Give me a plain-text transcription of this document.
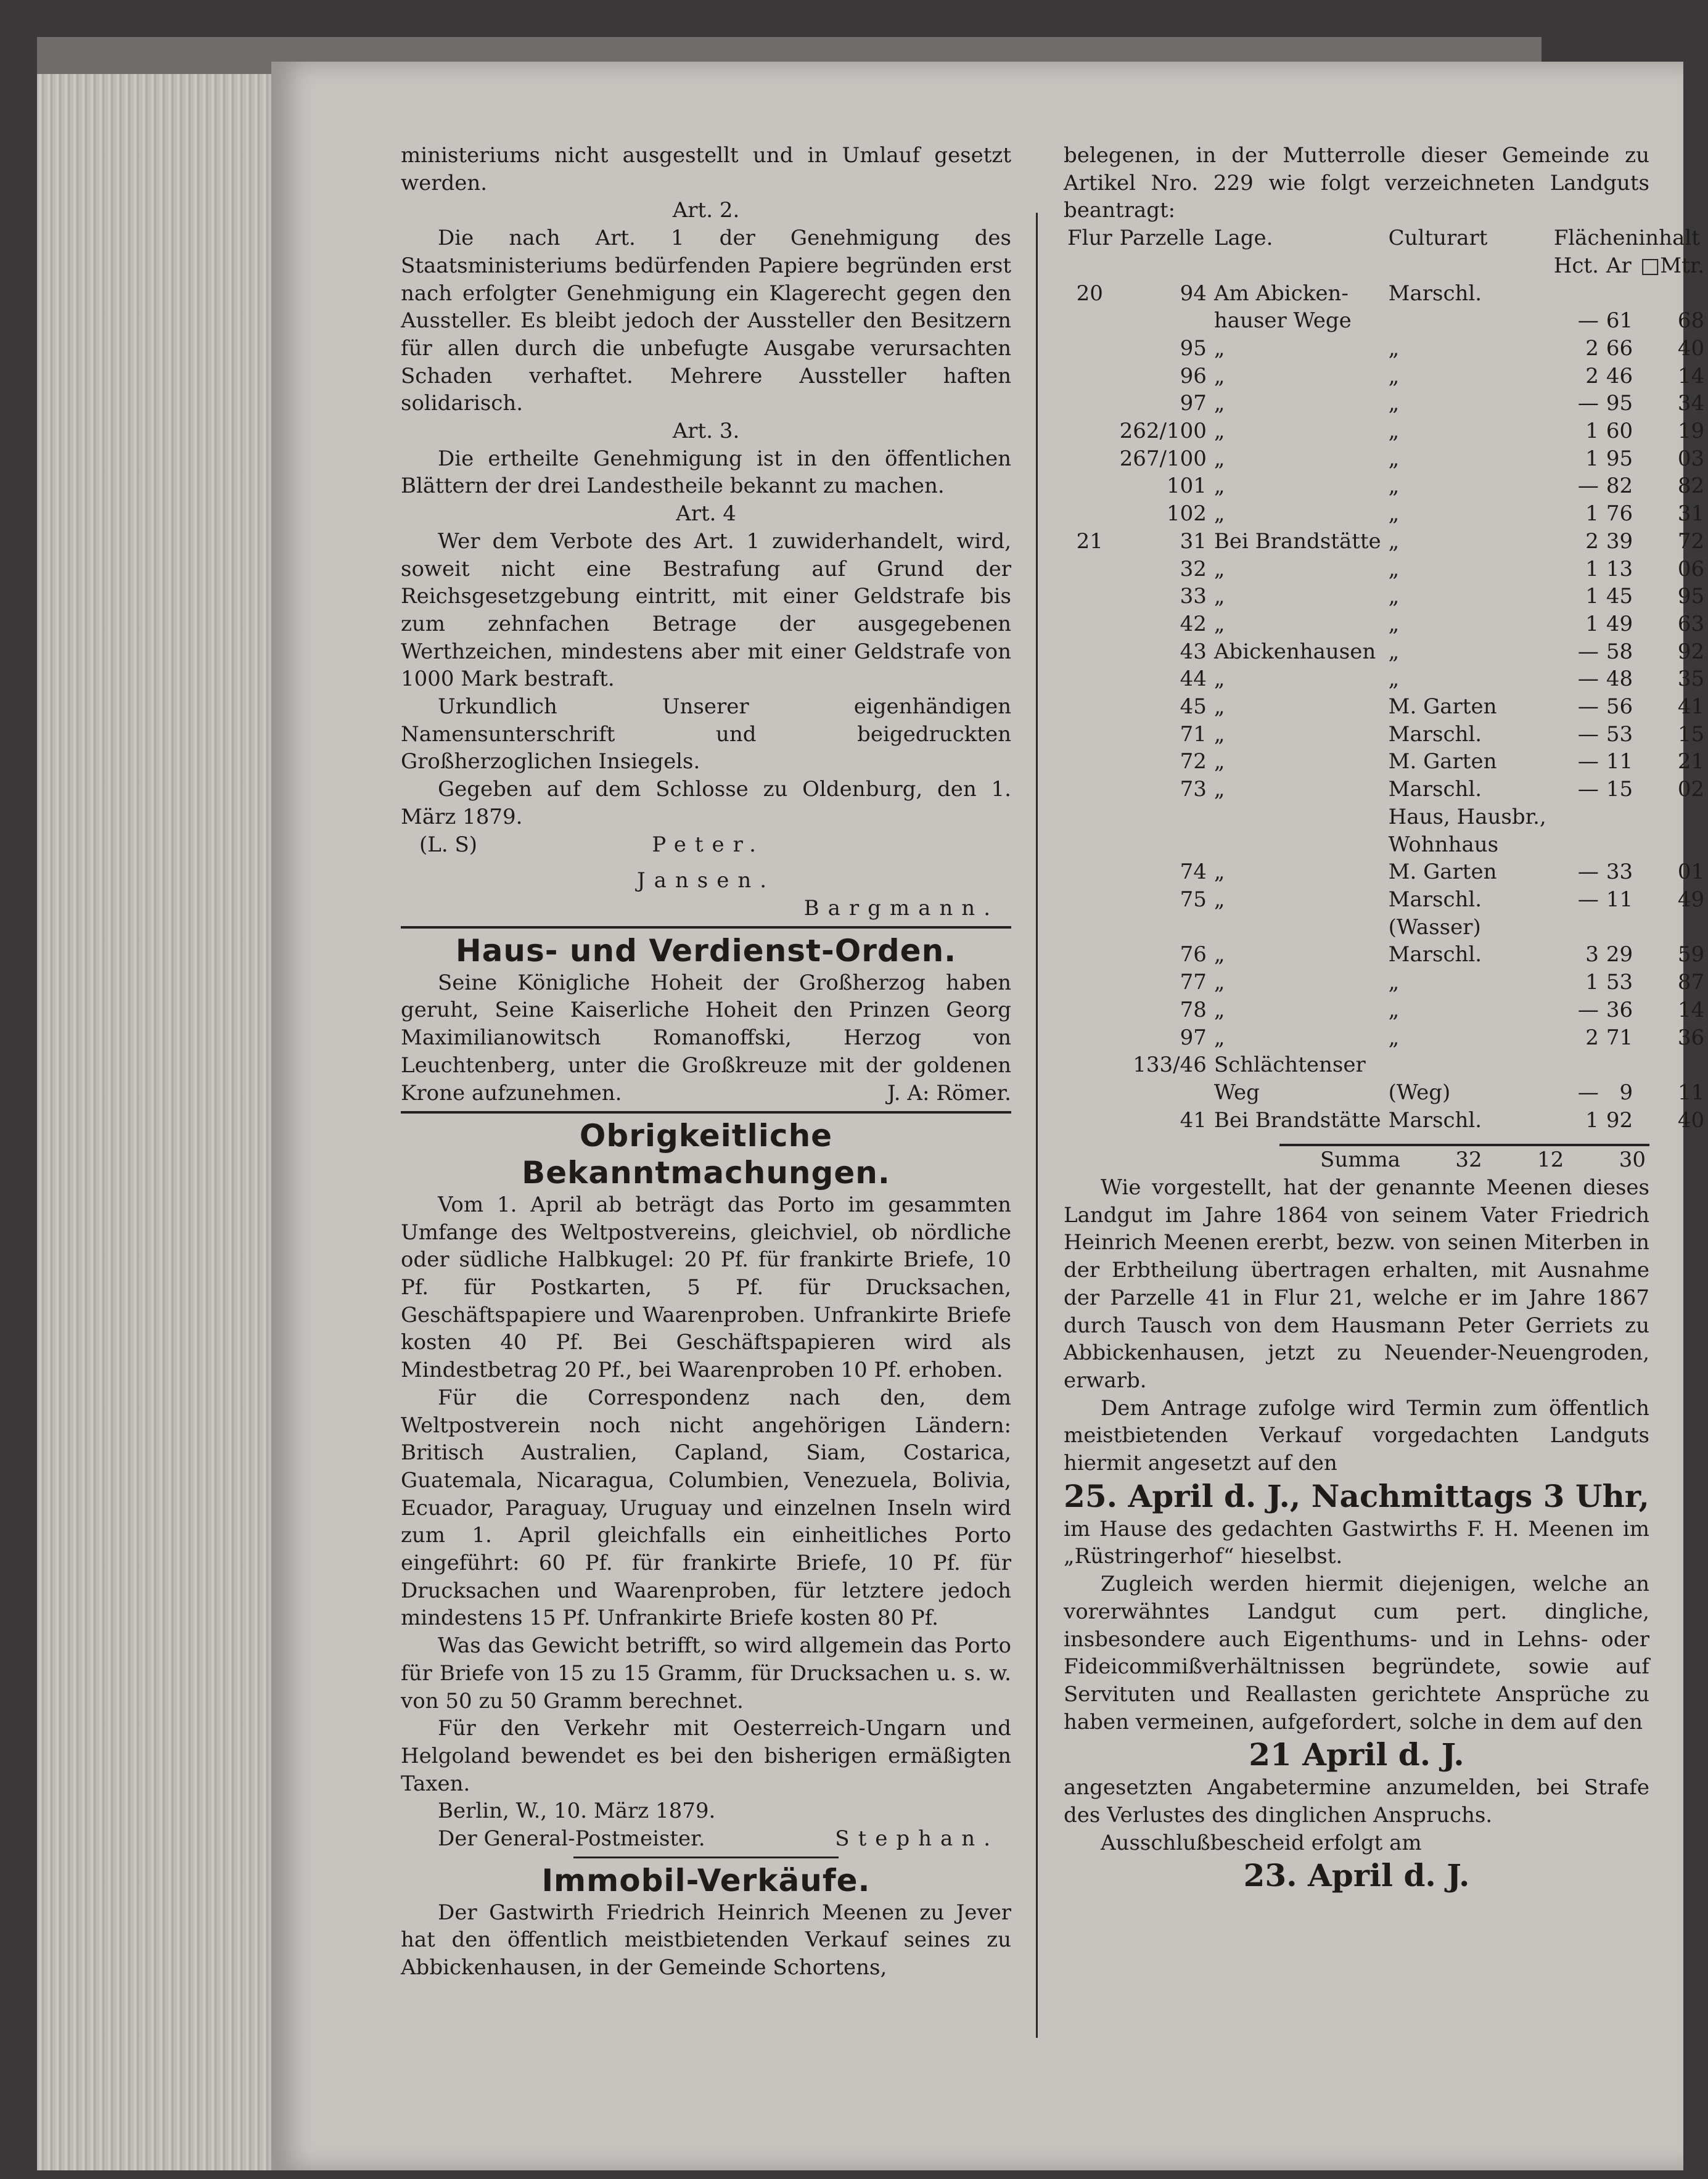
ministeriums nicht ausgestellt und in Umlauf gesetzt werden.

Art. 2.

Die nach Art. 1 der Genehmigung des Staatsministeriums bedürfenden Papiere begründen erst nach erfolgter Genehmigung ein Klagerecht gegen den Aussteller. Es bleibt jedoch der Aussteller den Besitzern für allen durch die unbefugte Ausgabe verursachten Schaden verhaftet. Mehrere Aussteller haften solidarisch.

Art. 3.

Die ertheilte Genehmigung ist in den öffentlichen Blättern der drei Landestheile bekannt zu machen.

Art. 4

Wer dem Verbote des Art. 1 zuwiderhandelt, wird, soweit nicht eine Bestrafung auf Grund der Reichsgesetzgebung eintritt, mit einer Geldstrafe bis zum zehnfachen Betrage der ausgegebenen Werthzeichen, mindestens aber mit einer Geldstrafe von 1000 Mark bestraft.

Urkundlich Unserer eigenhändigen Namensunterschrift und beigedruckten Großherzoglichen Insiegels.

Gegeben auf dem Schlosse zu Oldenburg, den 1. März 1879.

(L. S)	Peter.

Jansen.

Bargmann.

Haus- und Verdienst-Orden.

Seine Königliche Hoheit der Großherzog haben geruht, Seine Kaiserliche Hoheit den Prinzen Georg Maximilianowitsch Romanoffski, Herzog von Leuchtenberg, unter die Großkreuze mit der goldenen Krone aufzunehmen.	J. A: Römer.

Obrigkeitliche Bekanntmachungen.

Vom 1. April ab beträgt das Porto im gesammten Umfange des Weltpostvereins, gleichviel, ob nördliche oder südliche Halbkugel: 20 Pf. für frankirte Briefe, 10 Pf. für Postkarten, 5 Pf. für Drucksachen, Geschäftspapiere und Waarenproben. Unfrankirte Briefe kosten 40 Pf. Bei Geschäftspapieren wird als Mindestbetrag 20 Pf., bei Waarenproben 10 Pf. erhoben.

Für die Correspondenz nach den, dem Weltpostverein noch nicht angehörigen Ländern: Britisch Australien, Capland, Siam, Costarica, Guatemala, Nicaragua, Columbien, Venezuela, Bolivia, Ecuador, Paraguay, Uruguay und einzelnen Inseln wird zum 1. April gleichfalls ein einheitliches Porto eingeführt: 60 Pf. für frankirte Briefe, 10 Pf. für Drucksachen und Waarenproben, für letztere jedoch mindestens 15 Pf. Unfrankirte Briefe kosten 80 Pf.

Was das Gewicht betrifft, so wird allgemein das Porto für Briefe von 15 zu 15 Gramm, für Drucksachen u. s. w. von 50 zu 50 Gramm berechnet.

Für den Verkehr mit Oesterreich-Ungarn und Helgoland bewendet es bei den bisherigen ermäßigten Taxen.

Berlin, W., 10. März 1879.

Der General-Postmeister.	Stephan.
Immobil-Verkäufe.

Der Gastwirth Friedrich Heinrich Meenen zu Jever hat den öffentlich meistbietenden Verkauf seines zu Abbickenhausen, in der Gemeinde Schortens,

belegenen, in der Mutterrolle dieser Gemeinde zu Artikel Nro. 229 wie folgt verzeichneten Landguts beantragt:

Flur	Parzelle	Lage.	Culturart	Flächeninhalt		
				Hct.	Ar	□Mtr.
20	94	Am Abicken-	Marschl.			
		hauser Wege		—	61	68
	95	„	„	2	66	40
	96	„	„	2	46	14
	97	„	„	—	95	34
	262/100	„	„	1	60	19
	267/100	„	„	1	95	03
	101	„	„	—	82	82
	102	„	„	1	76	31
21	31	Bei Brandstätte	„	2	39	72
	32	„	„	1	13	06
	33	„	„	1	45	95
	42	„	„	1	49	63
	43	Abickenhausen	„	—	58	92
	44	„	„	—	48	35
	45	„	M. Garten	—	56	41
	71	„	Marschl.	—	53	15
	72	„	M. Garten	—	11	21
	73	„	Marschl.	—	15	02
			Haus, Hausbr.,			
			Wohnhaus			
	74	„	M. Garten	—	33	01
	75	„	Marschl.	—	11	49
			(Wasser)			
	76	„	Marschl.	3	29	59
	77	„	„	1	53	87
	78	„	„	—	36	14
	97	„	„	2	71	36
	133/46	Schlächtenser				
		Weg	(Weg)	—	9	11
	41	Bei Brandstätte	Marschl.	1	92	40
Summa	32	12	30

Wie vorgestellt, hat der genannte Meenen dieses Landgut im Jahre 1864 von seinem Vater Friedrich Heinrich Meenen ererbt, bezw. von seinen Miterben in der Erbtheilung übertragen erhalten, mit Ausnahme der Parzelle 41 in Flur 21, welche er im Jahre 1867 durch Tausch von dem Hausmann Peter Gerriets zu Abbickenhausen, jetzt zu Neuender-Neuengroden, erwarb.

Dem Antrage zufolge wird Termin zum öffentlich meistbietenden Verkauf vorgedachten Landguts hiermit angesetzt auf den

25. April d. J., Nachmittags 3 Uhr,

im Hause des gedachten Gastwirths F. H. Meenen im „Rüstringerhof“ hieselbst.

Zugleich werden hiermit diejenigen, welche an vorerwähntes Landgut cum pert. dingliche, insbesondere auch Eigenthums- und in Lehns- oder Fideicommißverhältnissen begründete, sowie auf Servituten und Reallasten gerichtete Ansprüche zu haben vermeinen, aufgefordert, solche in dem auf den

21 April d. J.

angesetzten Angabetermine anzumelden, bei Strafe des Verlustes des dinglichen Anspruchs.

Ausschlußbescheid erfolgt am

23. April d. J.
